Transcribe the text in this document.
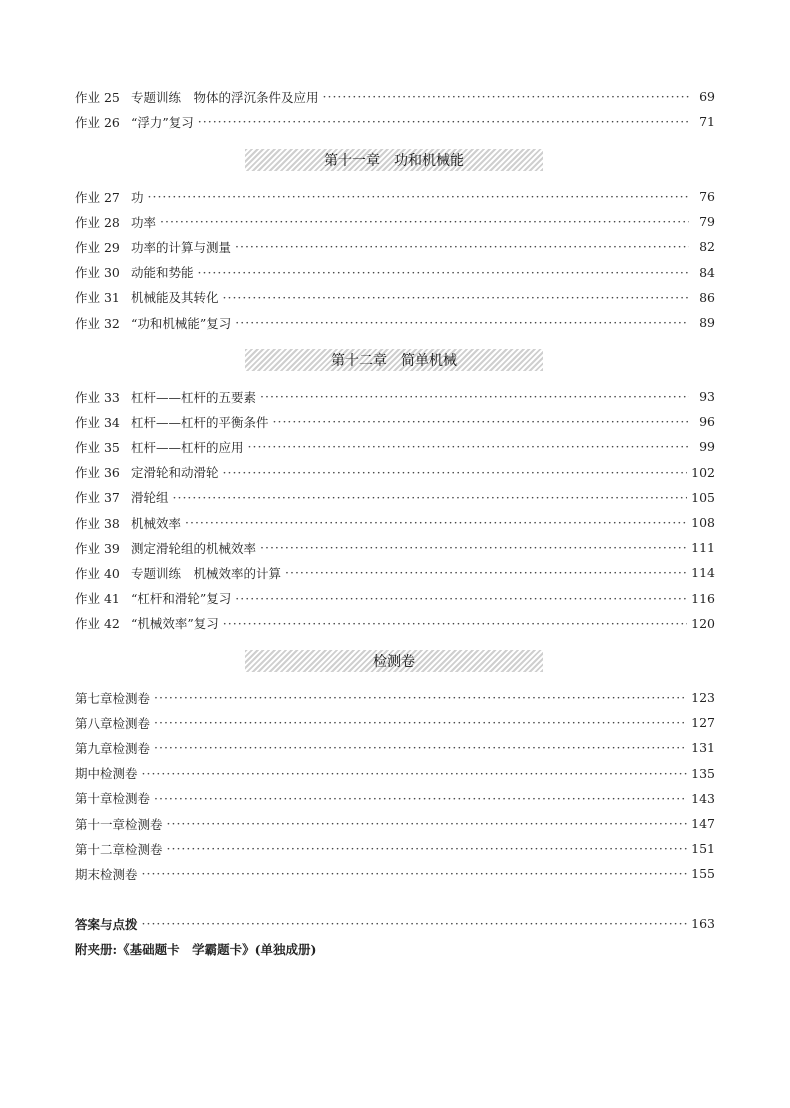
作业 25 专题训练　物体的浮沉条件及应用 ·····	69
作业 26 “浮力”复习 ·····	71
第十一章　功和机械能
作业 27 功 ·····	76
作业 28 功率 ·····	79
作业 29 功率的计算与测量 ·····	82
作业 30 动能和势能 ·····	84
作业 31 机械能及其转化 ·····	86
作业 32 “功和机械能”复习 ·····	89
第十二章　简单机械
作业 33 杠杆——杠杆的五要素 ·····	93
作业 34 杠杆——杠杆的平衡条件 ·····	96
作业 35 杠杆——杠杆的应用 ·····	99
作业 36 定滑轮和动滑轮 ·····	102
作业 37 滑轮组 ·····	105
作业 38 机械效率 ·····	108
作业 39 测定滑轮组的机械效率 ·····	111
作业 40 专题训练　机械效率的计算 ·····	114
作业 41 “杠杆和滑轮”复习 ·····	116
作业 42 “机械效率”复习 ·····	120
检测卷
第七章检测卷 ·····	123
第八章检测卷 ·····	127
第九章检测卷 ·····	131
期中检测卷 ·····	135
第十章检测卷 ·····	143
第十一章检测卷 ·····	147
第十二章检测卷 ·····	151
期末检测卷 ·····	155
答案与点拨 ·····	163
附夹册:《基础题卡　学霸题卡》(单独成册)
